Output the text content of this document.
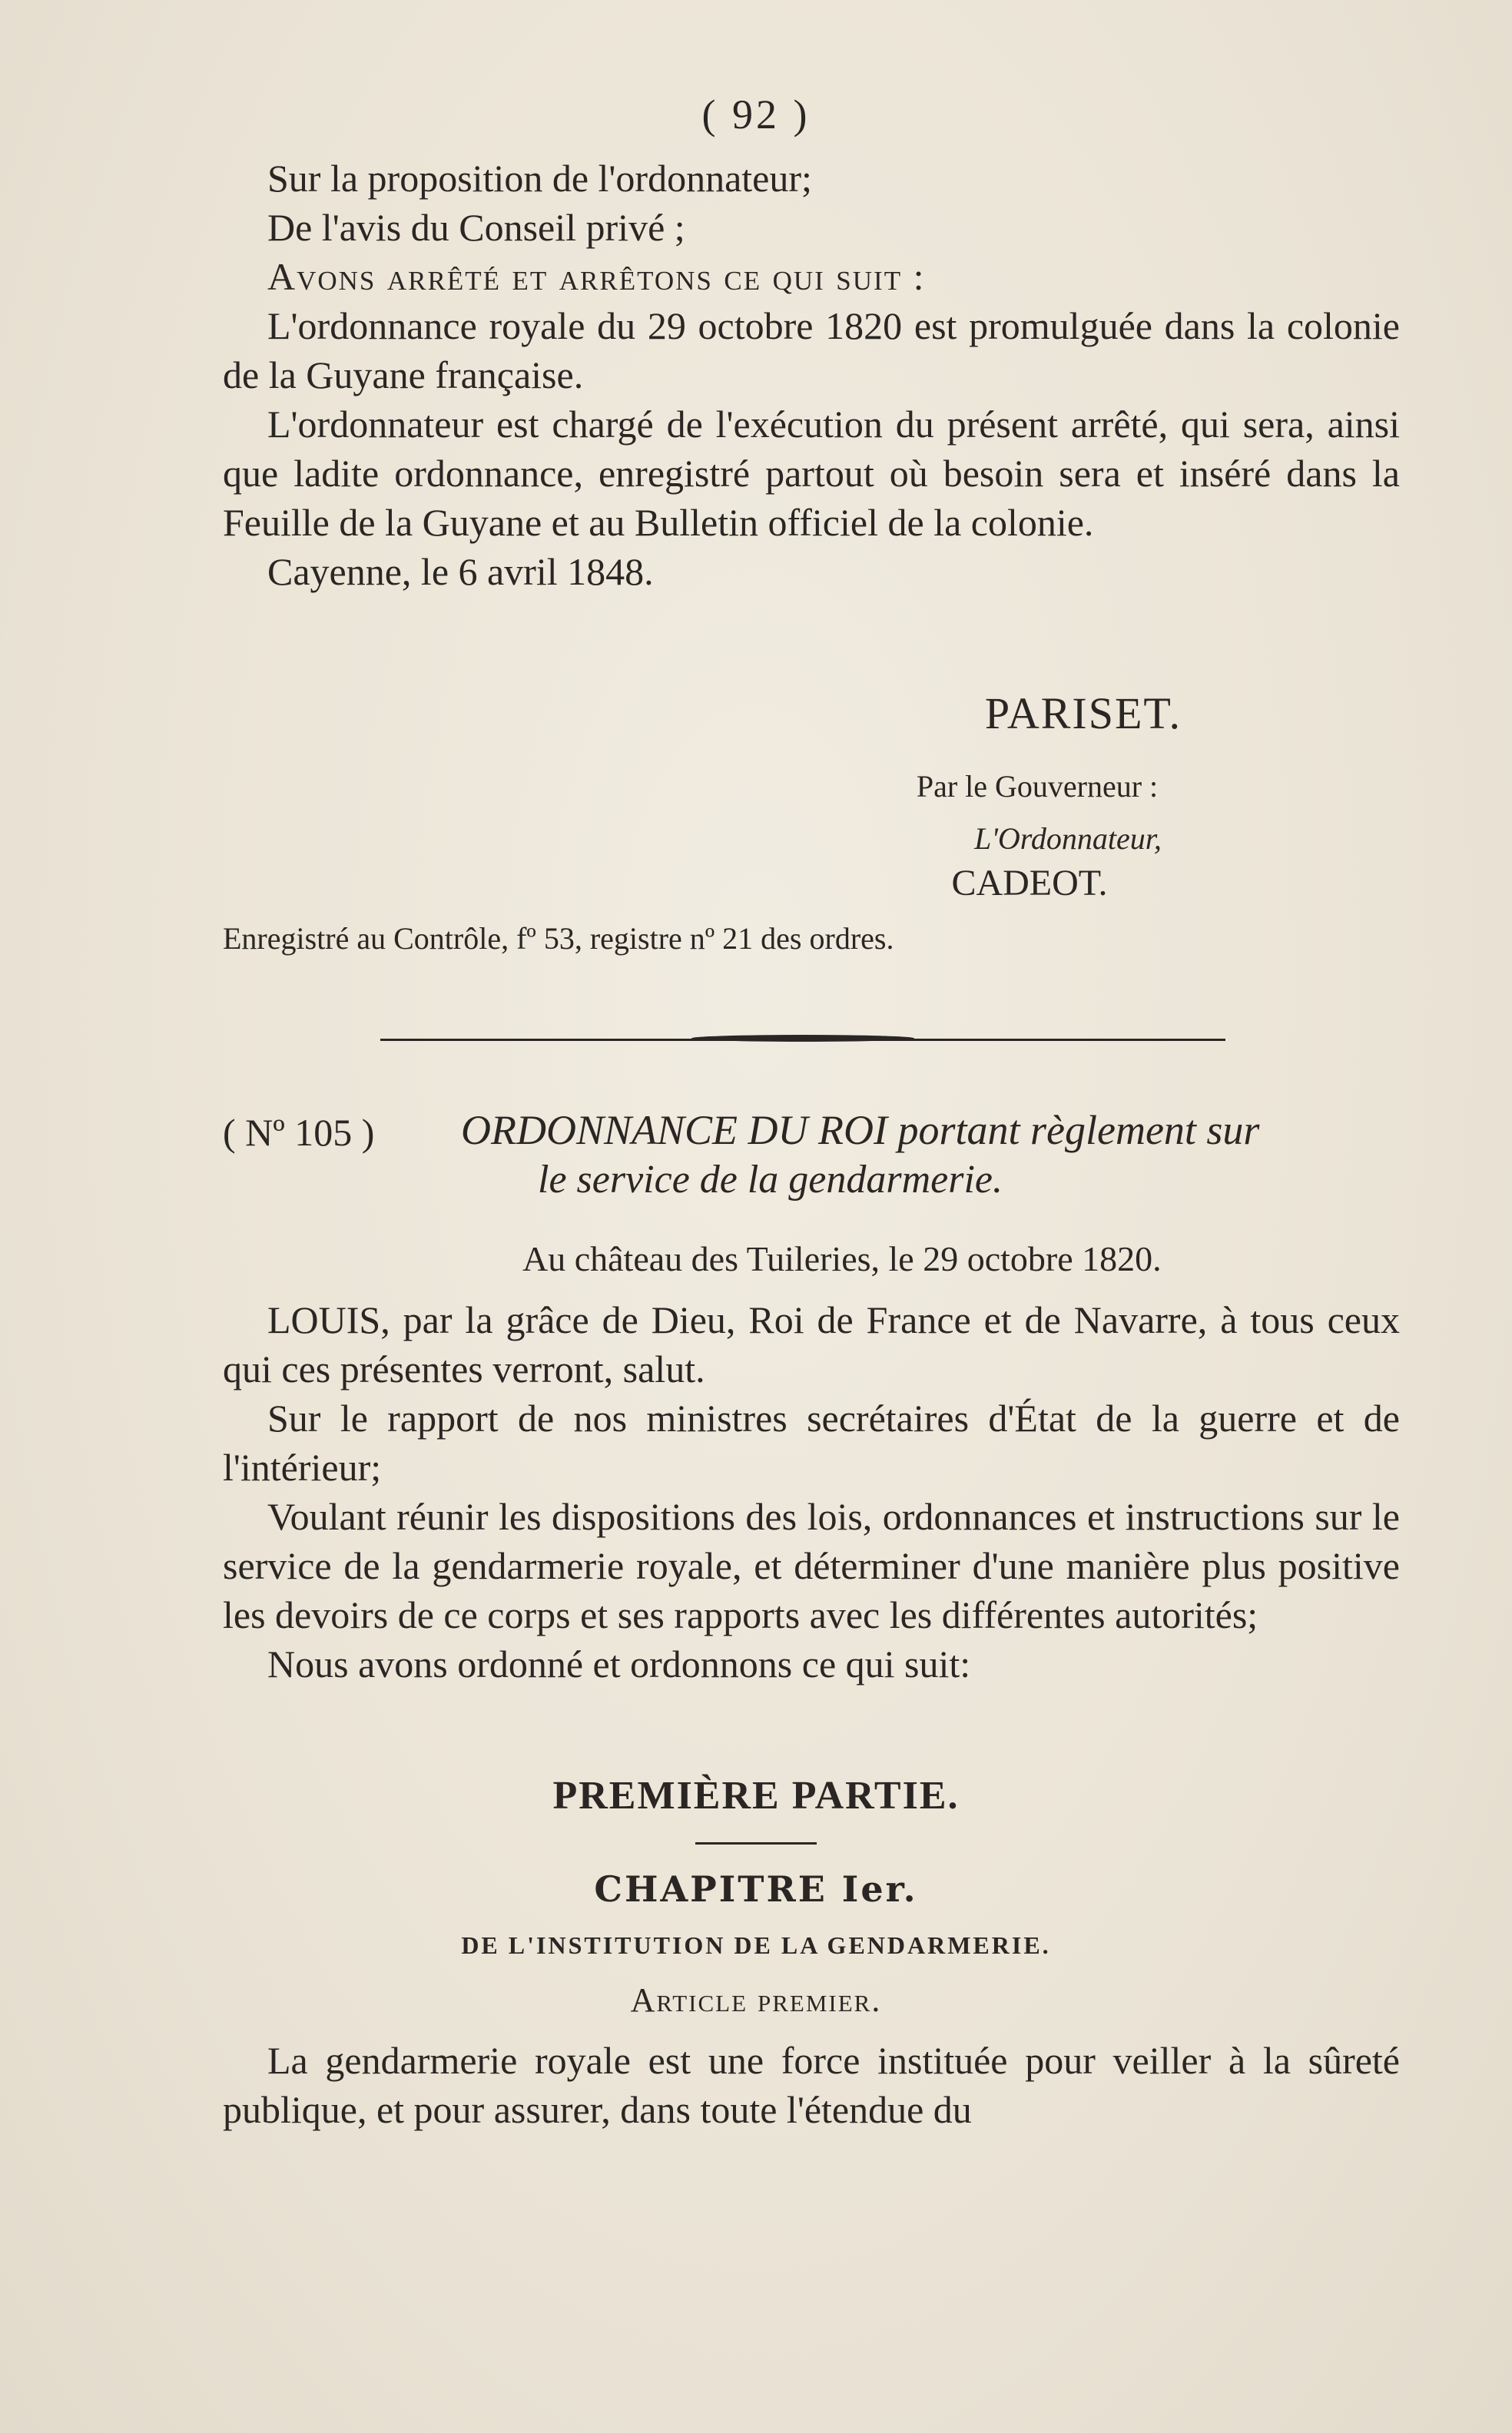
( 92 )

Sur la proposition de l'ordonnateur;

De l'avis du Conseil privé ;

Avons arrêté et arrêtons ce qui suit :

L'ordonnance royale du 29 octobre 1820 est promulguée dans la colonie de la Guyane française.

L'ordonnateur est chargé de l'exécution du présent arrêté, qui sera, ainsi que ladite ordonnance, enregistré partout où besoin sera et inséré dans la Feuille de la Guyane et au Bulletin officiel de la colonie.

Cayenne, le 6 avril 1848.

PARISET.
Par le Gouverneur :
L'Ordonnateur,
CADEOT.
Enregistré au Contrôle, fº 53, registre nº 21 des ordres.
( Nº 105 ) ORDONNANCE DU ROI portant règlement sur
le service de la gendarmerie.
Au château des Tuileries, le 29 octobre 1820.

LOUIS, par la grâce de Dieu, Roi de France et de Navarre, à tous ceux qui ces présentes verront, salut.

Sur le rapport de nos ministres secrétaires d'État de la guerre et de l'intérieur;

Voulant réunir les dispositions des lois, ordonnances et instructions sur le service de la gendarmerie royale, et déterminer d'une manière plus positive les devoirs de ce corps et ses rapports avec les différentes autorités;

Nous avons ordonné et ordonnons ce qui suit:

PREMIÈRE PARTIE.
CHAPITRE Ier.
DE L'INSTITUTION DE LA GENDARMERIE.
Article premier.

La gendarmerie royale est une force instituée pour veiller à la sûreté publique, et pour assurer, dans toute l'étendue du
